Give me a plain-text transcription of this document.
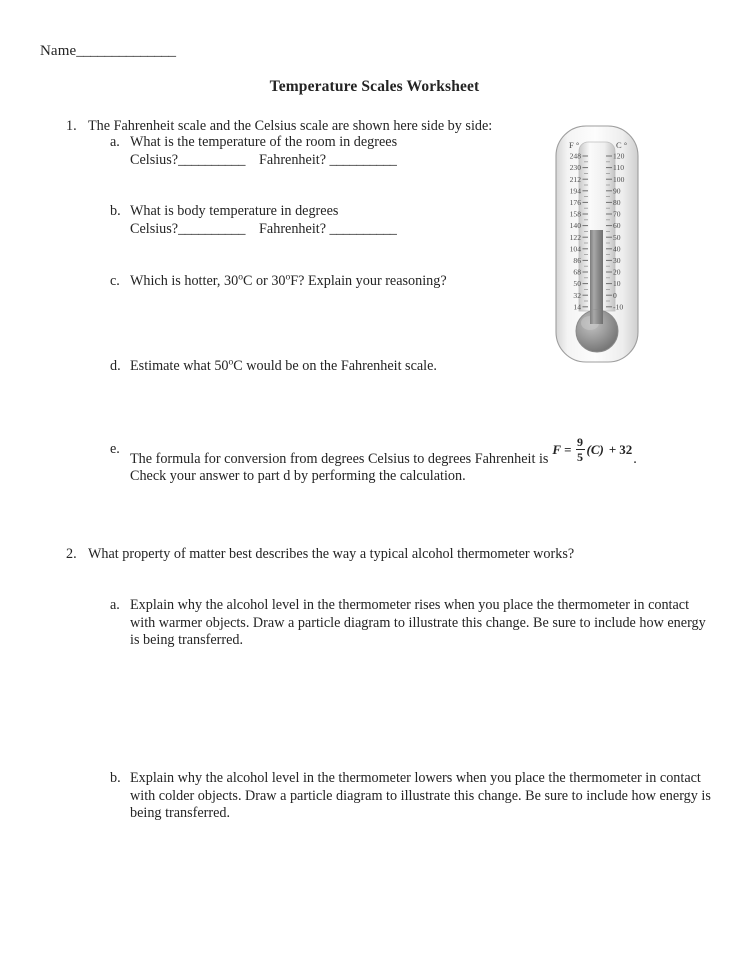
Name______________
Temperature Scales Worksheet
1. The Fahrenheit scale and the Celsius scale are shown here side by side:
a. What is the temperature of the room in degrees
Celsius?__________ Fahrenheit? __________
b. What is body temperature in degrees
Celsius?__________ Fahrenheit? __________
c. Which is hotter, 30$^o$C or 30$^o$F? Explain your reasoning?
d. Estimate what 50$^o$C would be on the Fahrenheit scale.
e.
The formula for conversion from degrees Celsius to degrees Fahrenheit is
$F = \frac{9}{5} (C) + 32$
.
Check your answer to part d by performing the calculation.
2. What property of matter best describes the way a typical alcohol thermometer works?
a. Explain why the alcohol level in the thermometer rises when you place the thermometer in contact with warmer objects. Draw a particle diagram to illustrate this change. Be sure to include how energy is being transferred.
b. Explain why the alcohol level in the thermometer lowers when you place the thermometer in contact with colder objects. Draw a particle diagram to illustrate this change. Be sure to include how energy is being transferred.
F °	C °
248	120
230	110
212	100
194	90
176	80
158	70
140	60
122	50
104	40
86	30
68	20
50	10
32	0
14	-10
